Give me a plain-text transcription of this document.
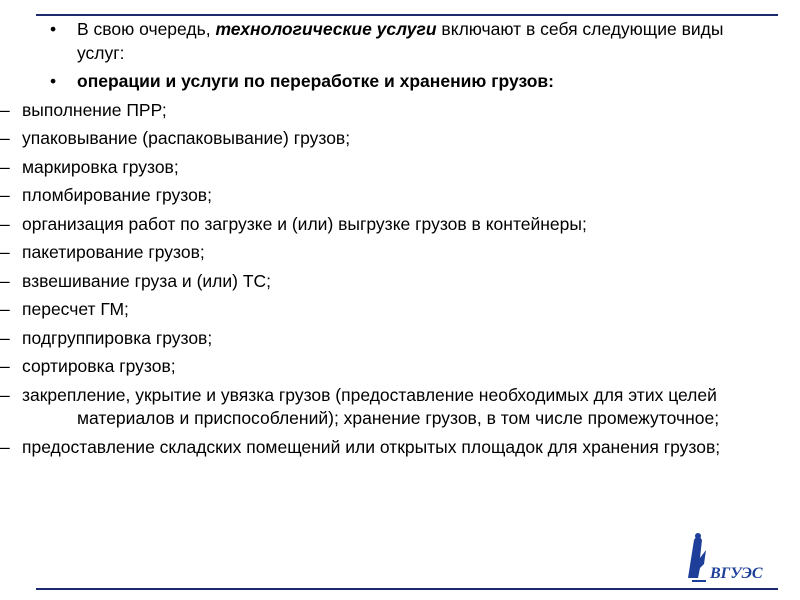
• В свою очередь, технологические услуги включают в себя следующие виды услуг:
• операции и услуги по переработке и хранению грузов:
– выполнение ПРР;
– упаковывание (распаковывание) грузов;
– маркировка грузов;
– пломбирование грузов;
– организация работ по загрузке и (или) выгрузке грузов в контейнеры;
– пакетирование грузов;
– взвешивание груза и (или) ТС;
– пересчет ГМ;
– подгруппировка грузов;
– сортировка грузов;
– закрепление, укрытие и увязка грузов (предоставление необходимых для этих целей материалов и приспособлений); хранение грузов, в том числе промежуточное;
– предоставление складских помещений или открытых площадок для хранения грузов;
ВГУЭС
